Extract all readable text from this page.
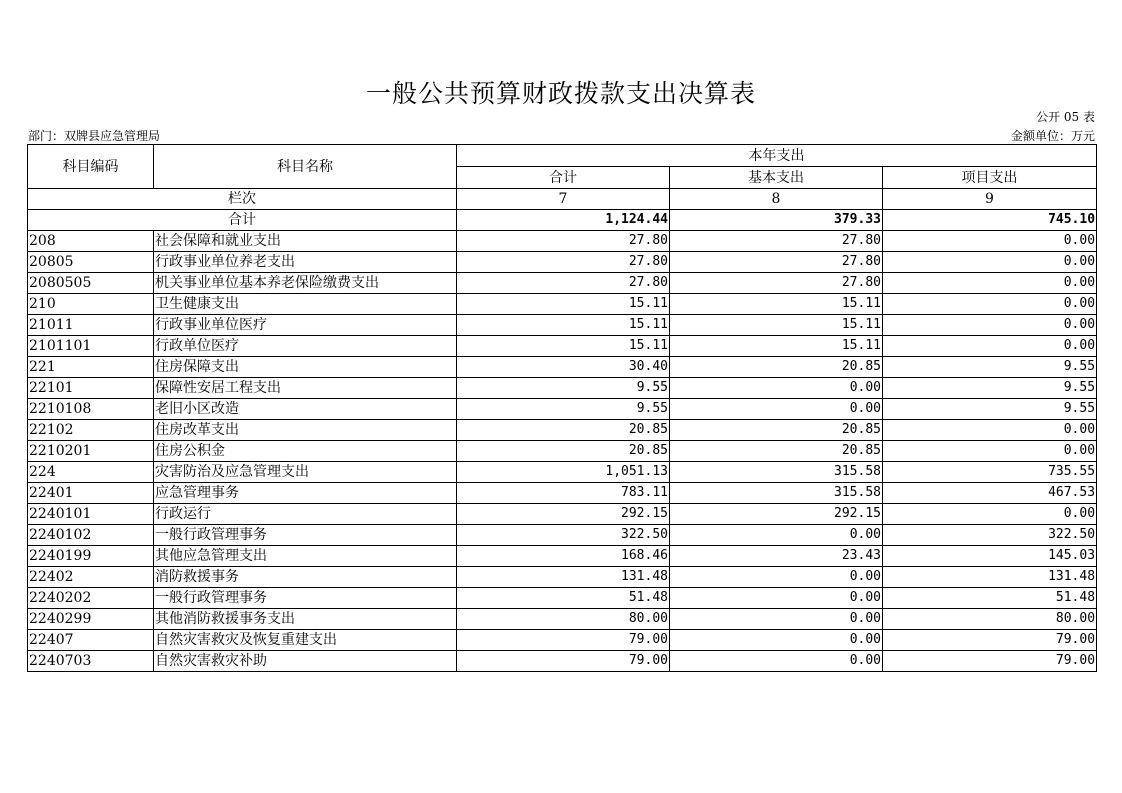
一般公共预算财政拨款支出决算表
公开 05 表
部门：双牌县应急管理局	金额单位：万元
科目编码	科目名称	本年支出		
		合计	基本支出	项目支出
栏次		7	8	9
合计		1,124.44	379.33	745.10
208	社会保障和就业支出	27.80	27.80	0.00
20805	行政事业单位养老支出	27.80	27.80	0.00
2080505	机关事业单位基本养老保险缴费支出	27.80	27.80	0.00
210	卫生健康支出	15.11	15.11	0.00
21011	行政事业单位医疗	15.11	15.11	0.00
2101101	行政单位医疗	15.11	15.11	0.00
221	住房保障支出	30.40	20.85	9.55
22101	保障性安居工程支出	9.55	0.00	9.55
2210108	老旧小区改造	9.55	0.00	9.55
22102	住房改革支出	20.85	20.85	0.00
2210201	住房公积金	20.85	20.85	0.00
224	灾害防治及应急管理支出	1,051.13	315.58	735.55
22401	应急管理事务	783.11	315.58	467.53
2240101	行政运行	292.15	292.15	0.00
2240102	一般行政管理事务	322.50	0.00	322.50
2240199	其他应急管理支出	168.46	23.43	145.03
22402	消防救援事务	131.48	0.00	131.48
2240202	一般行政管理事务	51.48	0.00	51.48
2240299	其他消防救援事务支出	80.00	0.00	80.00
22407	自然灾害救灾及恢复重建支出	79.00	0.00	79.00
2240703	自然灾害救灾补助	79.00	0.00	79.00
